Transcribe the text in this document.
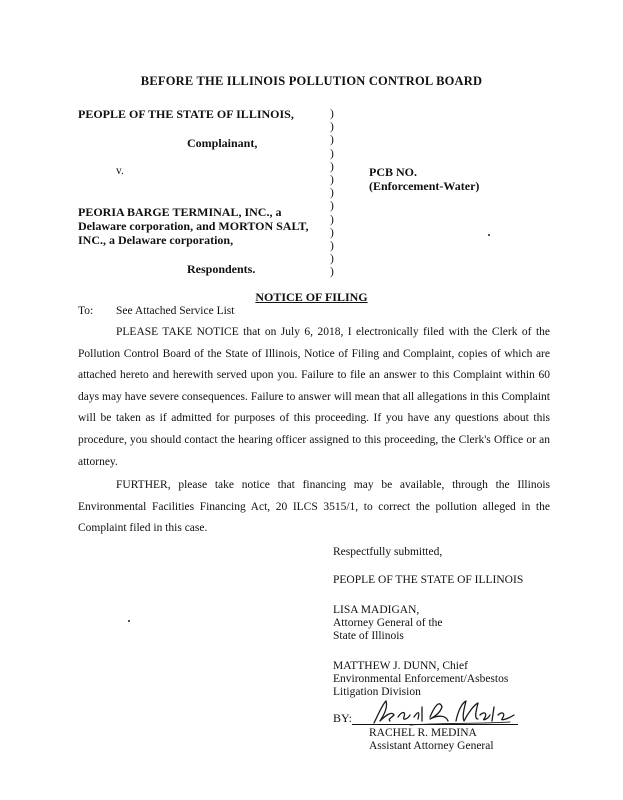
BEFORE THE ILLINOIS POLLUTION CONTROL BOARD
PEOPLE OF THE STATE OF ILLINOIS,
Complainant,
v.
PEORIA BARGE TERMINAL, INC., a
Delaware corporation, and MORTON SALT,
INC., a Delaware corporation,
Respondents.
)
)
)
)
)
)
)
)
)
)
)
)
)
PCB NO.
(Enforcement-Water)
NOTICE OF FILING
To: See Attached Service List
PLEASE TAKE NOTICE that on July 6, 2018, I electronically filed with the Clerk of the Pollution Control Board of the State of Illinois, Notice of Filing and Complaint, copies of which are attached hereto and herewith served upon you. Failure to file an answer to this Complaint within 60 days may have severe consequences. Failure to answer will mean that all allegations in this Complaint will be taken as if admitted for purposes of this proceeding. If you have any questions about this procedure, you should contact the hearing officer assigned to this proceeding, the Clerk's Office or an attorney.
FURTHER, please take notice that financing may be available, through the Illinois Environmental Facilities Financing Act, 20 ILCS 3515/1, to correct the pollution alleged in the Complaint filed in this case.
Respectfully submitted,
PEOPLE OF THE STATE OF ILLINOIS
LISA MADIGAN,
Attorney General of the
State of Illinois
MATTHEW J. DUNN, Chief
Environmental Enforcement/Asbestos
Litigation Division
BY:
RACHEL R. MEDINA
Assistant Attorney General
